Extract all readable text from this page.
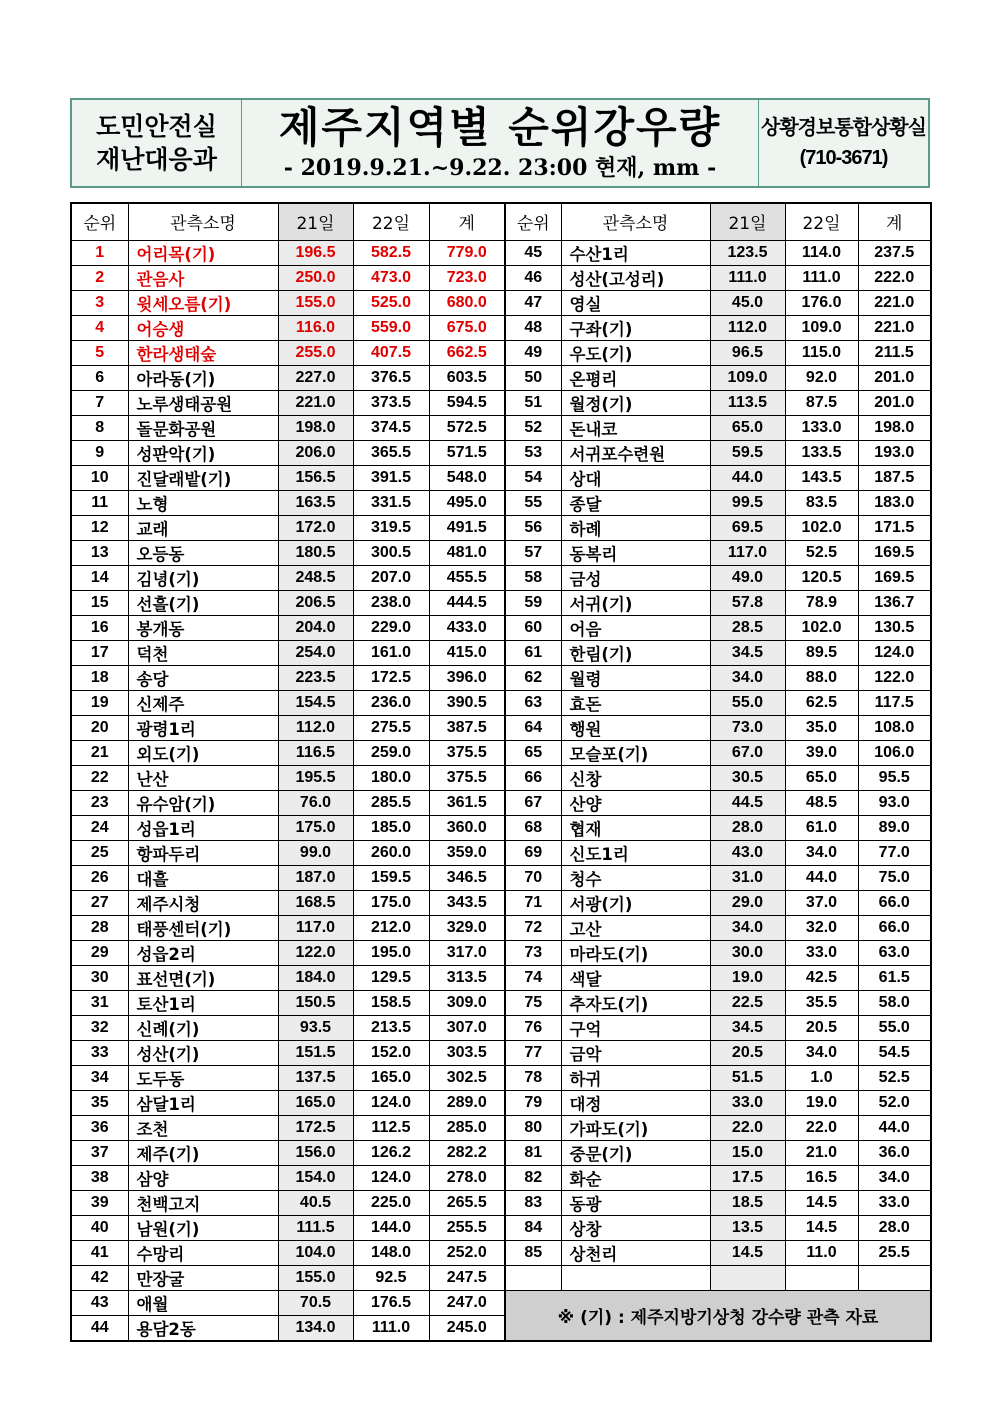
도민안전실
재난대응과
제주지역별 순위강우량
- 2019.9.21.~9.22. 23:00 현재, mm -
상황경보통합상황실
(710-3671)
순위	관측소명	21일	22일	계	순위	관측소명	21일	22일	계
1	어리목(기)	196.5	582.5	779.0	45	수산1리	123.5	114.0	237.5
2	관음사	250.0	473.0	723.0	46	성산(고성리)	111.0	111.0	222.0
3	윗세오름(기)	155.0	525.0	680.0	47	영실	45.0	176.0	221.0
4	어승생	116.0	559.0	675.0	48	구좌(기)	112.0	109.0	221.0
5	한라생태숲	255.0	407.5	662.5	49	우도(기)	96.5	115.0	211.5
6	아라동(기)	227.0	376.5	603.5	50	온평리	109.0	92.0	201.0
7	노루생태공원	221.0	373.5	594.5	51	월정(기)	113.5	87.5	201.0
8	돌문화공원	198.0	374.5	572.5	52	돈내코	65.0	133.0	198.0
9	성판악(기)	206.0	365.5	571.5	53	서귀포수련원	59.5	133.5	193.0
10	진달래밭(기)	156.5	391.5	548.0	54	상대	44.0	143.5	187.5
11	노형	163.5	331.5	495.0	55	종달	99.5	83.5	183.0
12	교래	172.0	319.5	491.5	56	하례	69.5	102.0	171.5
13	오등동	180.5	300.5	481.0	57	동복리	117.0	52.5	169.5
14	김녕(기)	248.5	207.0	455.5	58	금성	49.0	120.5	169.5
15	선흘(기)	206.5	238.0	444.5	59	서귀(기)	57.8	78.9	136.7
16	봉개동	204.0	229.0	433.0	60	어음	28.5	102.0	130.5
17	덕천	254.0	161.0	415.0	61	한림(기)	34.5	89.5	124.0
18	송당	223.5	172.5	396.0	62	월령	34.0	88.0	122.0
19	신제주	154.5	236.0	390.5	63	효돈	55.0	62.5	117.5
20	광령1리	112.0	275.5	387.5	64	행원	73.0	35.0	108.0
21	외도(기)	116.5	259.0	375.5	65	모슬포(기)	67.0	39.0	106.0
22	난산	195.5	180.0	375.5	66	신창	30.5	65.0	95.5
23	유수암(기)	76.0	285.5	361.5	67	산양	44.5	48.5	93.0
24	성읍1리	175.0	185.0	360.0	68	협재	28.0	61.0	89.0
25	항파두리	99.0	260.0	359.0	69	신도1리	43.0	34.0	77.0
26	대흘	187.0	159.5	346.5	70	청수	31.0	44.0	75.0
27	제주시청	168.5	175.0	343.5	71	서광(기)	29.0	37.0	66.0
28	태풍센터(기)	117.0	212.0	329.0	72	고산	34.0	32.0	66.0
29	성읍2리	122.0	195.0	317.0	73	마라도(기)	30.0	33.0	63.0
30	표선면(기)	184.0	129.5	313.5	74	색달	19.0	42.5	61.5
31	토산1리	150.5	158.5	309.0	75	추자도(기)	22.5	35.5	58.0
32	신례(기)	93.5	213.5	307.0	76	구억	34.5	20.5	55.0
33	성산(기)	151.5	152.0	303.5	77	금악	20.5	34.0	54.5
34	도두동	137.5	165.0	302.5	78	하귀	51.5	1.0	52.5
35	삼달1리	165.0	124.0	289.0	79	대정	33.0	19.0	52.0
36	조천	172.5	112.5	285.0	80	가파도(기)	22.0	22.0	44.0
37	제주(기)	156.0	126.2	282.2	81	중문(기)	15.0	21.0	36.0
38	삼양	154.0	124.0	278.0	82	화순	17.5	16.5	34.0
39	천백고지	40.5	225.0	265.5	83	동광	18.5	14.5	33.0
40	남원(기)	111.5	144.0	255.5	84	상창	13.5	14.5	28.0
41	수망리	104.0	148.0	252.0	85	상천리	14.5	11.0	25.5
42	만장굴	155.0	92.5	247.5					
43	애월	70.5	176.5	247.0	※ (기) : 제주지방기상청 강수량 관측 자료				
44	용담2동	134.0	111.0	245.0					
